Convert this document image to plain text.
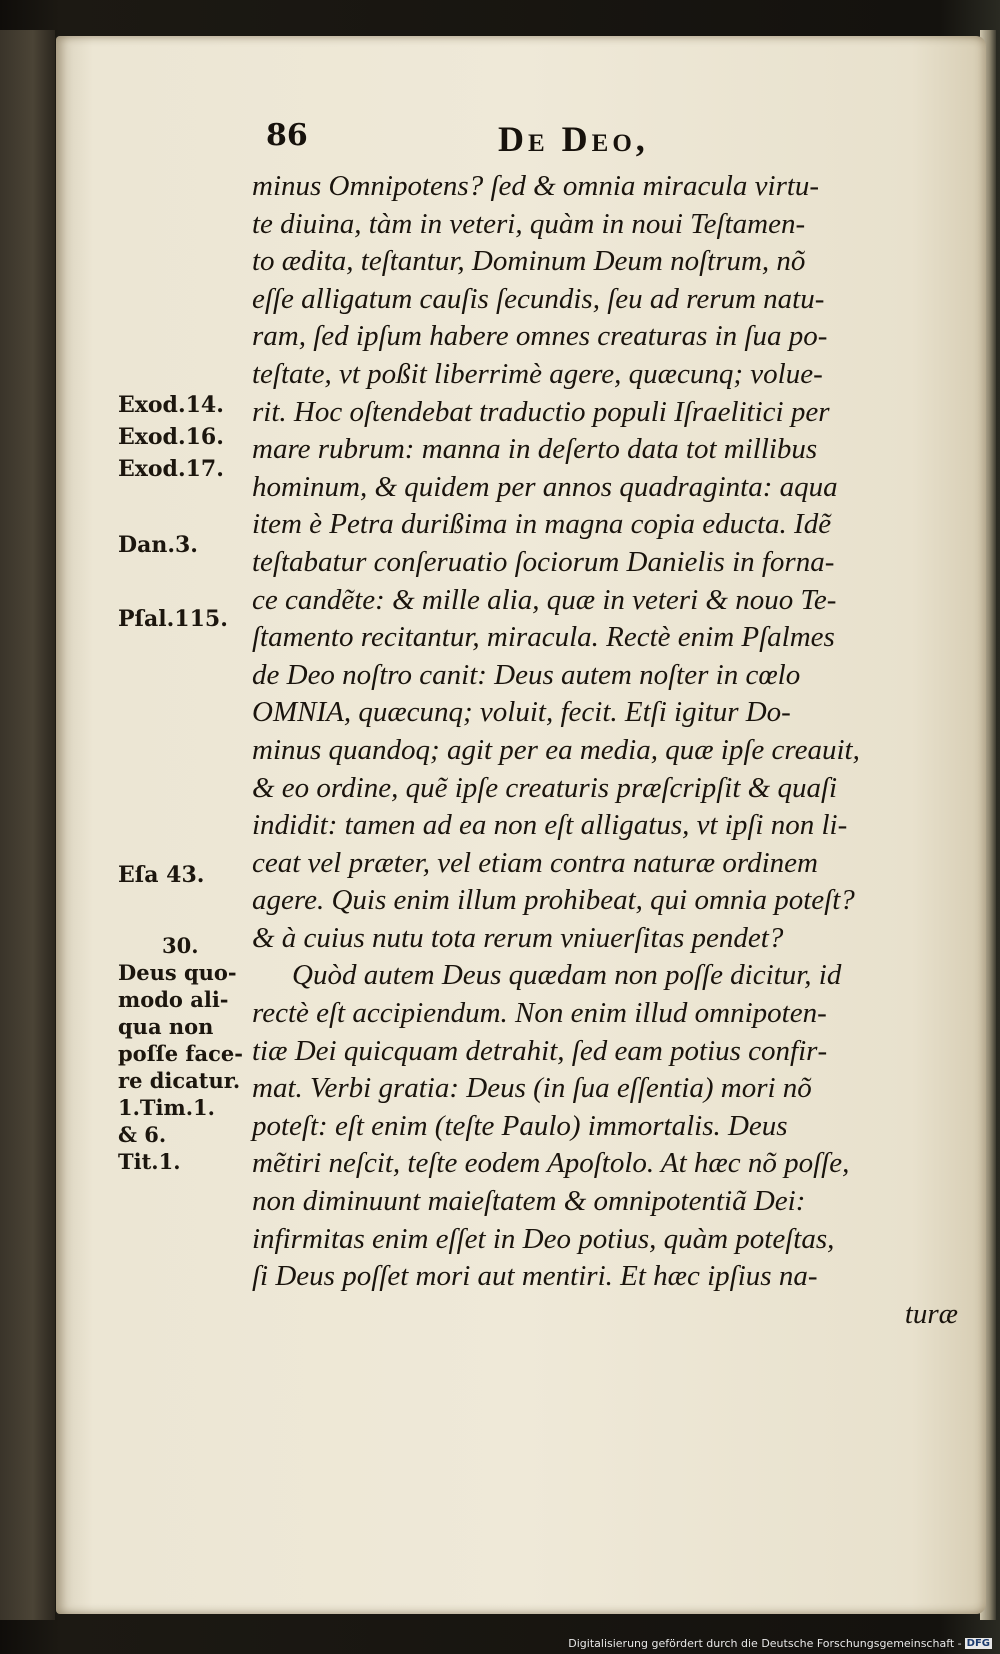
86	De Deo,
minus Omnipotens? ſed & omnia miracula virtu‑
te diuina, tàm in veteri, quàm in noui Teſtamen‑
to ædita, teſtantur, Dominum Deum noſtrum, nõ
eſſe alligatum cauſis ſecundis, ſeu ad rerum natu‑
ram, ſed ipſum habere omnes creaturas in ſua po‑
teſtate, vt poßit liberrimè agere, quæcunq; volue‑
rit. Hoc oſtendebat traductio populi Iſraelitici per
mare rubrum: manna in deſerto data tot millibus
hominum, & quidem per annos quadraginta: aqua
item è Petra durißima in magna copia educta. Idẽ
teſtabatur conſeruatio ſociorum Danielis in forna‑
ce candẽte: & mille alia, quæ in veteri & nouo Te‑
ſtamento recitantur, miracula. Rectè enim Pſalmes
de Deo noſtro canit: Deus autem noſter in cœlo
OMNIA, quæcunq; voluit, fecit. Etſi igitur Do‑
minus quandoq; agit per ea media, quæ ipſe creauit,
& eo ordine, quẽ ipſe creaturis præſcripſit & quaſi
indidit: tamen ad ea non eſt alligatus, vt ipſi non li‑
ceat vel præter, vel etiam contra naturæ ordinem
agere. Quis enim illum prohibeat, qui omnia poteſt?
& à cuius nutu tota rerum vniuerſitas pendet?
Quòd autem Deus quædam non poſſe dicitur, id
rectè eſt accipiendum. Non enim illud omnipoten‑
tiæ Dei quicquam detrahit, ſed eam potius confir‑
mat. Verbi gratia: Deus (in ſua eſſentia) mori nõ
poteſt: eſt enim (teſte Paulo) immortalis. Deus
mẽtiri neſcit, teſte eodem Apoſtolo. At hæc nõ poſſe,
non diminuunt maieſtatem & omnipotentiã Dei:
infirmitas enim eſſet in Deo potius, quàm poteſtas,
ſi Deus poſſet mori aut mentiri. Et hæc ipſius na‑
turæ
Exod.14.
Exod.16.
Exod.17.
Dan.3.
Pſal.115.
Eſa 43.
30.
Deus quo‑
modo ali‑
qua non
poſſe face‑
re dicatur.
1.Tim.1.
& 6.
Tit.1.
Digitalisierung gefördert durch die Deutsche Forschungsgemeinschaft - DFG
